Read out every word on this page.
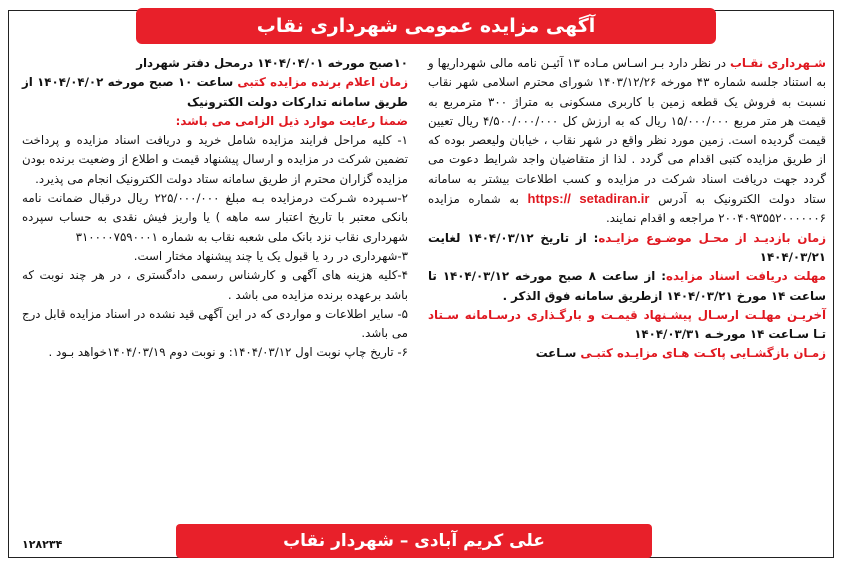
آگهی مزایده عمومی شهرداری نقاب

شـهرداری نقـاب در نظر دارد بـر اسـاس مـاده ۱۳ آئیـن نامه مالی شهرداریها و به استناد جلسه شماره ۴۳ مورخه ۱۴۰۳/۱۲/۲۶ شورای محترم اسلامی شهر نقاب نسبت به فروش یک قطعه زمین با کاربری مسکونی به متراژ ۳۰۰ مترمربع به قیمت هر متر مربع ۱۵/۰۰۰/۰۰۰ ریال که به ارزش کل ۴/۵۰۰/۰۰۰/۰۰۰ ریال تعیین قیمت گردیده است. زمین مورد نظر واقع در شهر نقاب ، خیابان ولیعصر بوده که از طریق مزایده کتبی اقدام می گردد . لذا از متقاضیان واجد شرایط دعوت می گردد جهت دریافت اسناد شرکت در مزایده و کسب اطلاعات بیشتر به سامانه ستاد دولت الکترونیک به آدرس https:// setadiran.ir به شماره مزایده ۲۰۰۴۰۹۳۵۵۲۰۰۰۰۰۰۶ مراجعه و اقدام نمایند.

زمان بازدیـد از محـل موضـوع مزایـده: از تاریخ ۱۴۰۴/۰۳/۱۲ لغایت ۱۴۰۴/۰۳/۲۱

مهلت دریافت اسناد مزایده: از ساعت ۸ صبح مورخه ۱۴۰۴/۰۳/۱۲ تا ساعت ۱۴ مورخ ۱۴۰۴/۰۳/۲۱ ازطریق سامانه فوق الذکر .

آخریـن مهلـت ارسـال پیشـنهاد قیمـت و بارگـذاری درسـامانه سـتاد تـا سـاعت ۱۴ مورخـه ۱۴۰۴/۰۳/۳۱

زمـان بازگشـایی پاکـت هـای مزایـده کتبـی سـاعت

۱۰صبح مورخه ۱۴۰۴/۰۴/۰۱ درمحل دفتر شهردار

زمان اعلام برنده مزایده کتبی ساعت ۱۰ صبح مورخه ۱۴۰۴/۰۴/۰۲ از طریق سامانه تدارکات دولت الکترونیک

ضمنا رعایت موارد ذیل الزامی می باشد:

۱- کلیه مراحل فرایند مزایده شامل خرید و دریافت اسناد مزایده و پرداخت تضمین شرکت در مزایده و ارسال پیشنهاد قیمت و اطلاع از وضعیت برنده بودن مزایده گزاران محترم از طریق سامانه ستاد دولت الکترونیک انجام می پذیرد.

۲-سـپرده شـرکت درمزایده بـه مبلغ ۲۲۵/۰۰۰/۰۰۰ ریال درقبال ضمانت نامه بانکی معتبر با تاریخ اعتبار سه ماهه ) یا واریز فیش نقدی به حساب سپرده شهرداری نقاب نزد بانک ملی شعبه نقاب به شماره ۳۱۰۰۰۰۷۵۹۰۰۰۱

۳-شهرداری در رد یا قبول یک یا چند پیشنهاد مختار است.

۴-کلیه هزینه های آگهی و کارشناس رسمی دادگستری ، در هر چند نوبت که باشد برعهده برنده مزایده می باشد .

۵- سایر اطلاعات و مواردی که در این آگهی قید نشده در اسناد مزایده قابل درج می باشد.

۶- تاریخ چاپ نوبت اول ۱۴۰۴/۰۳/۱۲: و نوبت دوم ۱۴۰۴/۰۳/۱۹خواهد بـود .

علی کریم آبادی – شهردار نقاب
۱۲۸۲۳۴
